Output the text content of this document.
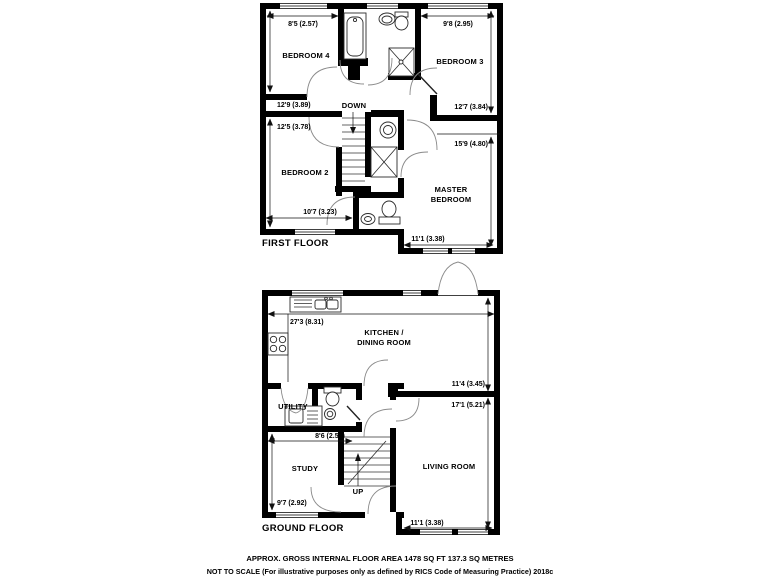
BEDROOM 4
BEDROOM 3
BEDROOM 2
MASTER
BEDROOM
DOWN
8'5 (2.57)	9'8 (2.95)
12'9 (3.89)
12'5 (3.78)
12'7 (3.84)
15'9 (4.80)
10'7 (3.23)
11'1 (3.38)
FIRST FLOOR
KITCHEN /
DINING ROOM
UTILITY
STUDY	LIVING ROOM
UP
27'3 (8.31)
11'4 (3.45)
17'1 (5.21)
8'6 (2.59)
9'7 (2.92)
11'1 (3.38)
GROUND FLOOR
APPROX. GROSS INTERNAL FLOOR AREA 1478 SQ FT 137.3 SQ METRES
NOT TO SCALE (For illustrative purposes only as defined by RICS Code of Measuring Practice) 2018c
